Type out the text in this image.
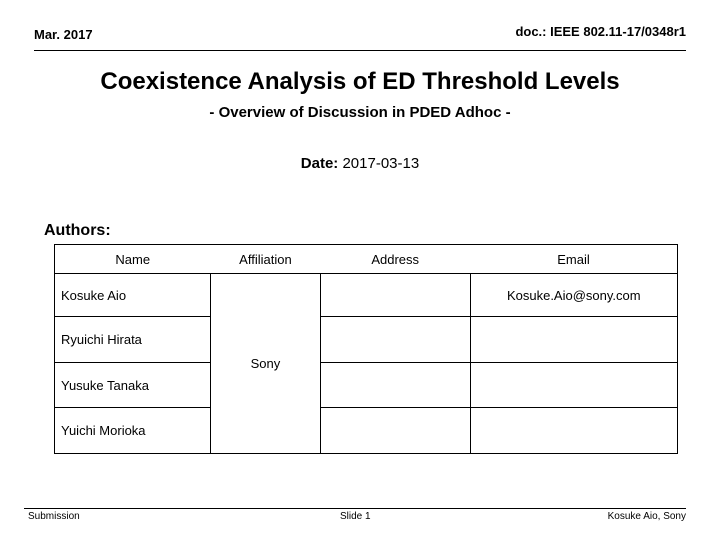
Mar. 2017	doc.: IEEE 802.11-17/0348r1
Coexistence Analysis of ED Threshold Levels
- Overview of Discussion in PDED Adhoc -
Date: 2017-03-13
Authors:
Name	Affiliation	Address	Email
Kosuke Aio	Sony		Kosuke.Aio@sony.com
Ryuichi Hirata			
Yusuke Tanaka			
Yuichi Morioka			
Submission	Slide 1	Kosuke Aio, Sony
